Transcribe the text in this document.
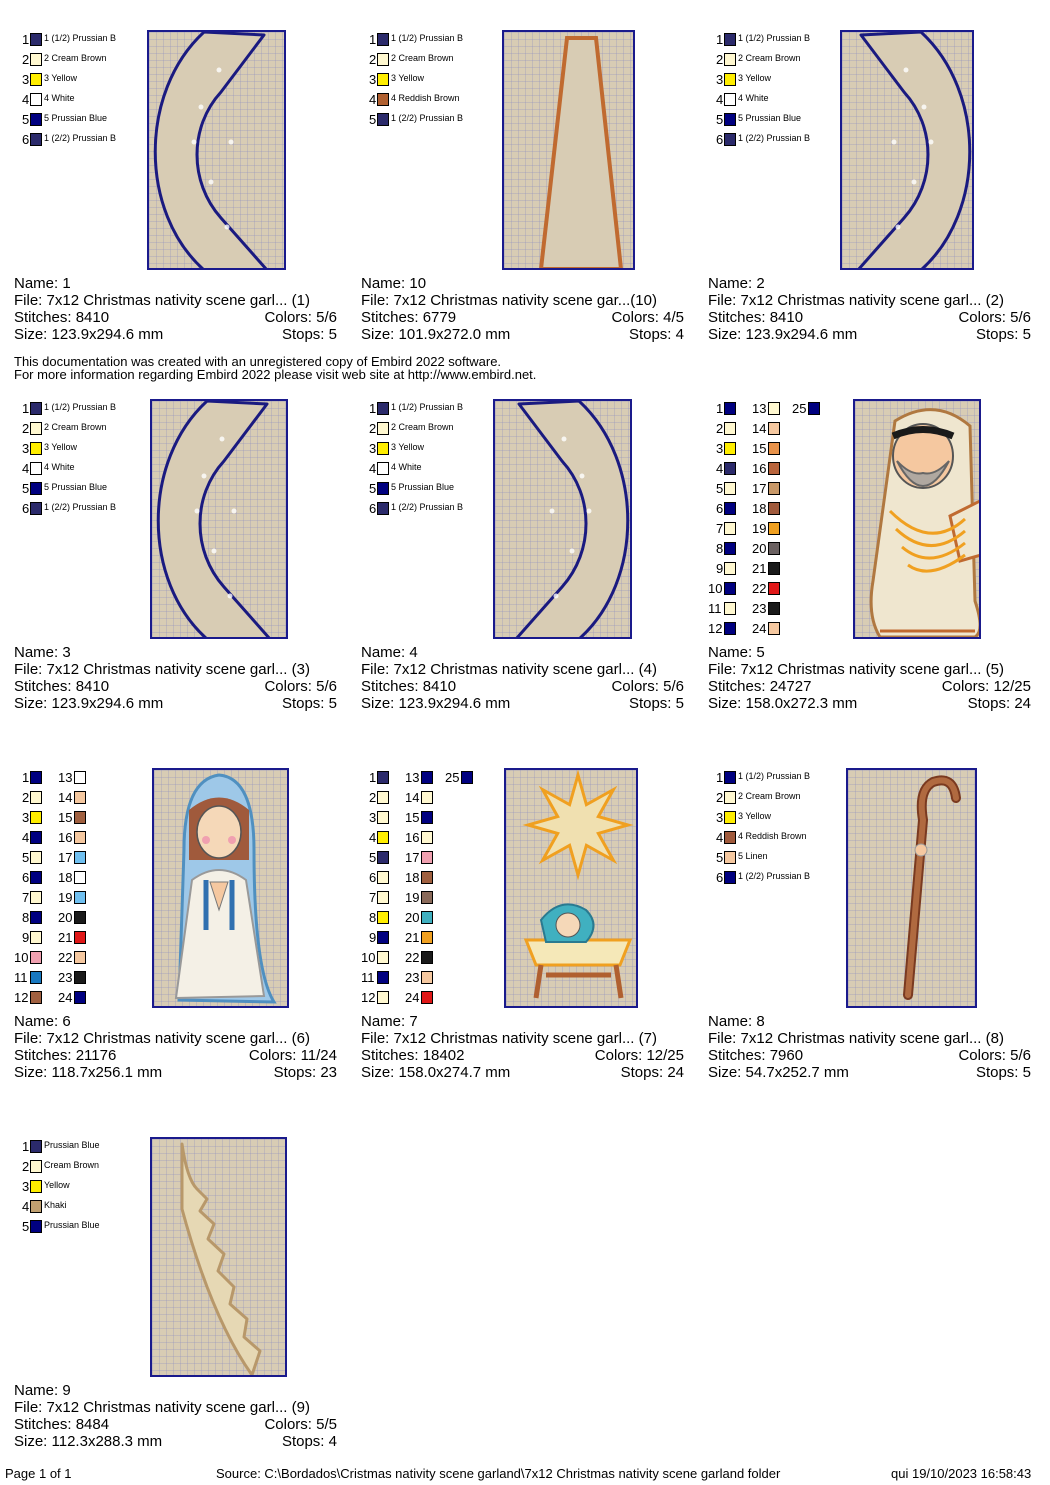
1 1 (1/2) Prussian B
2 2 Cream Brown
3 3 Yellow
4 4 White
5 5 Prussian Blue
6 1 (2/2) Prussian B
Name: 1
File: 7x12 Christmas nativity scene garl... (1)
Stitches: 8410	Colors: 5/6
Size: 123.9x294.6 mm	Stops: 5
1 1 (1/2) Prussian B
2 2 Cream Brown
3 3 Yellow
4 4 Reddish Brown
5 1 (2/2) Prussian B
Name: 10
File: 7x12 Christmas nativity scene gar...(10)
Stitches: 6779	Colors: 4/5
Size: 101.9x272.0 mm	Stops: 4
1 1 (1/2) Prussian B
2 2 Cream Brown
3 3 Yellow
4 4 White
5 5 Prussian Blue
6 1 (2/2) Prussian B
Name: 2
File: 7x12 Christmas nativity scene garl... (2)
Stitches: 8410	Colors: 5/6
Size: 123.9x294.6 mm	Stops: 5
1 1 (1/2) Prussian B
2 2 Cream Brown
3 3 Yellow
4 4 White
5 5 Prussian Blue
6 1 (2/2) Prussian B
Name: 3
File: 7x12 Christmas nativity scene garl... (3)
Stitches: 8410	Colors: 5/6
Size: 123.9x294.6 mm	Stops: 5
1 1 (1/2) Prussian B
2 2 Cream Brown
3 3 Yellow
4 4 White
5 5 Prussian Blue
6 1 (2/2) Prussian B
Name: 4
File: 7x12 Christmas nativity scene garl... (4)
Stitches: 8410	Colors: 5/6
Size: 123.9x294.6 mm	Stops: 5
1
2
3
4
5
6
7
8
9
10
11
12
13
14
15
16
17
18
19
20
21
22
23
24
25
Name: 5
File: 7x12 Christmas nativity scene garl... (5)
Stitches: 24727	Colors: 12/25
Size: 158.0x272.3 mm	Stops: 24
1
2
3
4
5
6
7
8
9
10
11
12
13
14
15
16
17
18
19
20
21
22
23
24
Name: 6
File: 7x12 Christmas nativity scene garl... (6)
Stitches: 21176	Colors: 11/24
Size: 118.7x256.1 mm	Stops: 23
1
2
3
4
5
6
7
8
9
10
11
12
13
14
15
16
17
18
19
20
21
22
23
24
25
Name: 7
File: 7x12 Christmas nativity scene garl... (7)
Stitches: 18402	Colors: 12/25
Size: 158.0x274.7 mm	Stops: 24
1 1 (1/2) Prussian B
2 2 Cream Brown
3 3 Yellow
4 4 Reddish Brown
5 5 Linen
6 1 (2/2) Prussian B
Name: 8
File: 7x12 Christmas nativity scene garl... (8)
Stitches: 7960	Colors: 5/6
Size: 54.7x252.7 mm	Stops: 5
1 Prussian Blue
2 Cream Brown
3 Yellow
4 Khaki
5 Prussian Blue
Name: 9
File: 7x12 Christmas nativity scene garl... (9)
Stitches: 8484	Colors: 5/5
Size: 112.3x288.3 mm	Stops: 4
This documentation was created with an unregistered copy of Embird 2022 software.
For more information regarding Embird 2022 please visit web site at http://www.embird.net.
Page 1 of 1	Source: C:\Bordados\Cristmas nativity scene garland\7x12 Christmas nativity scene garland folder	qui 19/10/2023 16:58:43
